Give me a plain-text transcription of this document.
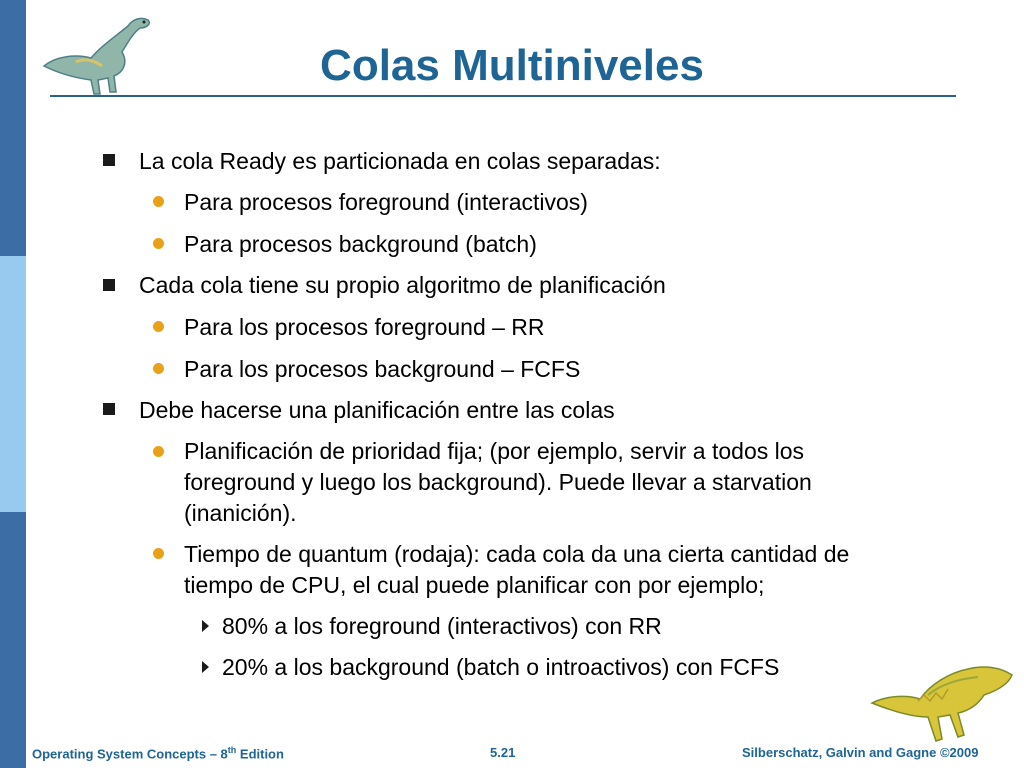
Colas Multiniveles
La cola Ready es particionada en colas separadas:
Para procesos foreground (interactivos)
Para procesos background (batch)
Cada cola tiene su propio algoritmo de planificación
Para los procesos foreground – RR
Para los procesos background – FCFS
Debe hacerse una planificación entre las colas
Planificación de prioridad fija; (por ejemplo, servir a todos los
foreground y luego los background). Puede llevar a starvation
(inanición).
Tiempo de quantum (rodaja): cada cola da una cierta cantidad de
tiempo de CPU, el cual puede planificar con por ejemplo;
80% a los foreground (interactivos) con RR
20% a los background (batch o introactivos) con FCFS
Operating System Concepts – 8th Edition	5.21	Silberschatz, Galvin and Gagne ©2009
